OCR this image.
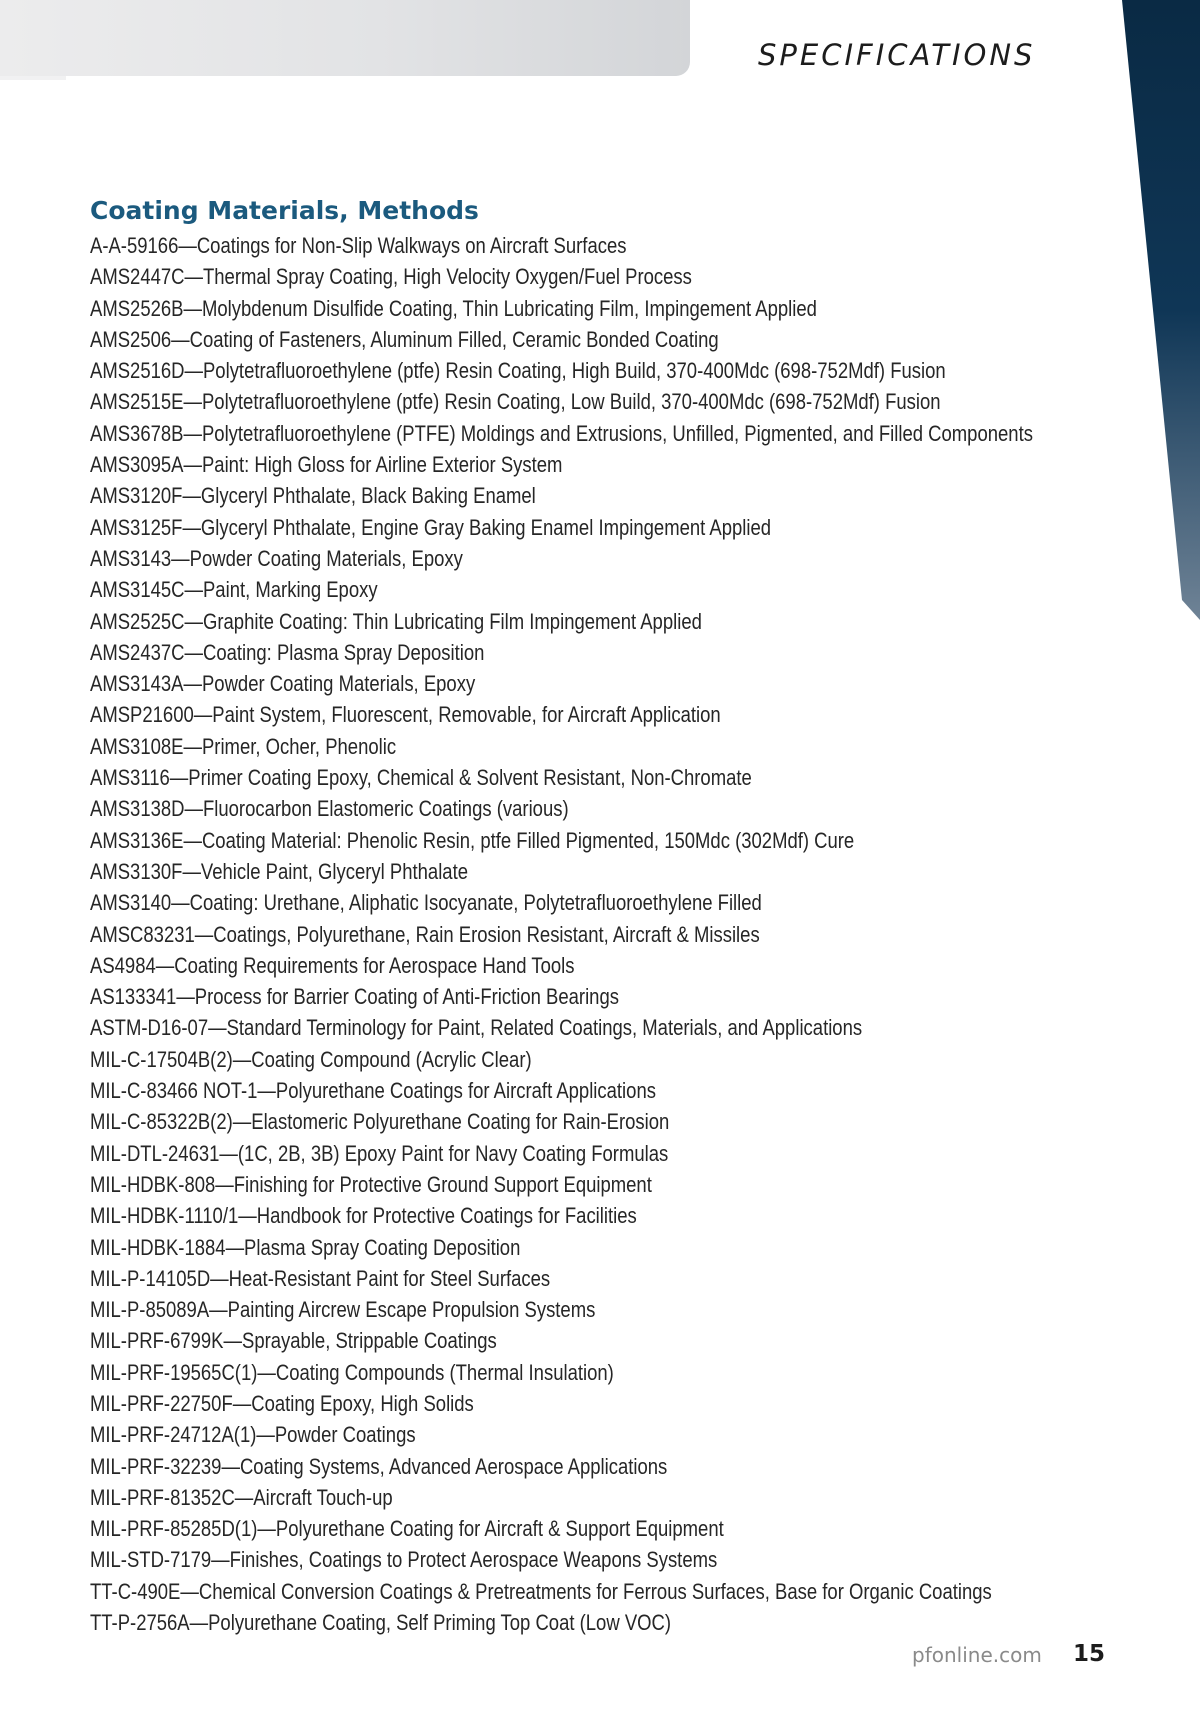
SPECIFICATIONS
Coating Materials, Methods
A-A-59166—Coatings for Non-Slip Walkways on Aircraft Surfaces
AMS2447C—Thermal Spray Coating, High Velocity Oxygen/Fuel Process
AMS2526B—Molybdenum Disulfide Coating, Thin Lubricating Film, Impingement Applied
AMS2506—Coating of Fasteners, Aluminum Filled, Ceramic Bonded Coating
AMS2516D—Polytetrafluoroethylene (ptfe) Resin Coating, High Build, 370-400Mdc (698-752Mdf) Fusion
AMS2515E—Polytetrafluoroethylene (ptfe) Resin Coating, Low Build, 370-400Mdc (698-752Mdf) Fusion
AMS3678B—Polytetrafluoroethylene (PTFE) Moldings and Extrusions, Unfilled, Pigmented, and Filled Components
AMS3095A—Paint: High Gloss for Airline Exterior System
AMS3120F—Glyceryl Phthalate, Black Baking Enamel
AMS3125F—Glyceryl Phthalate, Engine Gray Baking Enamel Impingement Applied
AMS3143—Powder Coating Materials, Epoxy
AMS3145C—Paint, Marking Epoxy
AMS2525C—Graphite Coating: Thin Lubricating Film Impingement Applied
AMS2437C—Coating: Plasma Spray Deposition
AMS3143A—Powder Coating Materials, Epoxy
AMSP21600—Paint System, Fluorescent, Removable, for Aircraft Application
AMS3108E—Primer, Ocher, Phenolic
AMS3116—Primer Coating Epoxy, Chemical & Solvent Resistant, Non-Chromate
AMS3138D—Fluorocarbon Elastomeric Coatings (various)
AMS3136E—Coating Material: Phenolic Resin, ptfe Filled Pigmented, 150Mdc (302Mdf) Cure
AMS3130F—Vehicle Paint, Glyceryl Phthalate
AMS3140—Coating: Urethane, Aliphatic Isocyanate, Polytetrafluoroethylene Filled
AMSC83231—Coatings, Polyurethane, Rain Erosion Resistant, Aircraft & Missiles
AS4984—Coating Requirements for Aerospace Hand Tools
AS133341—Process for Barrier Coating of Anti-Friction Bearings
ASTM-D16-07—Standard Terminology for Paint, Related Coatings, Materials, and Applications
MIL-C-17504B(2)—Coating Compound (Acrylic Clear)
MIL-C-83466 NOT-1—Polyurethane Coatings for Aircraft Applications
MIL-C-85322B(2)—Elastomeric Polyurethane Coating for Rain-Erosion
MIL-DTL-24631—(1C, 2B, 3B) Epoxy Paint for Navy Coating Formulas
MIL-HDBK-808—Finishing for Protective Ground Support Equipment
MIL-HDBK-1110/1—Handbook for Protective Coatings for Facilities
MIL-HDBK-1884—Plasma Spray Coating Deposition
MIL-P-14105D—Heat-Resistant Paint for Steel Surfaces
MIL-P-85089A—Painting Aircrew Escape Propulsion Systems
MIL-PRF-6799K—Sprayable, Strippable Coatings
MIL-PRF-19565C(1)—Coating Compounds (Thermal Insulation)
MIL-PRF-22750F—Coating Epoxy, High Solids
MIL-PRF-24712A(1)—Powder Coatings
MIL-PRF-32239—Coating Systems, Advanced Aerospace Applications
MIL-PRF-81352C—Aircraft Touch-up
MIL-PRF-85285D(1)—Polyurethane Coating for Aircraft & Support Equipment
MIL-STD-7179—Finishes, Coatings to Protect Aerospace Weapons Systems
TT-C-490E—Chemical Conversion Coatings & Pretreatments for Ferrous Surfaces, Base for Organic Coatings
TT-P-2756A—Polyurethane Coating, Self Priming Top Coat (Low VOC)
pfonline.com 15
